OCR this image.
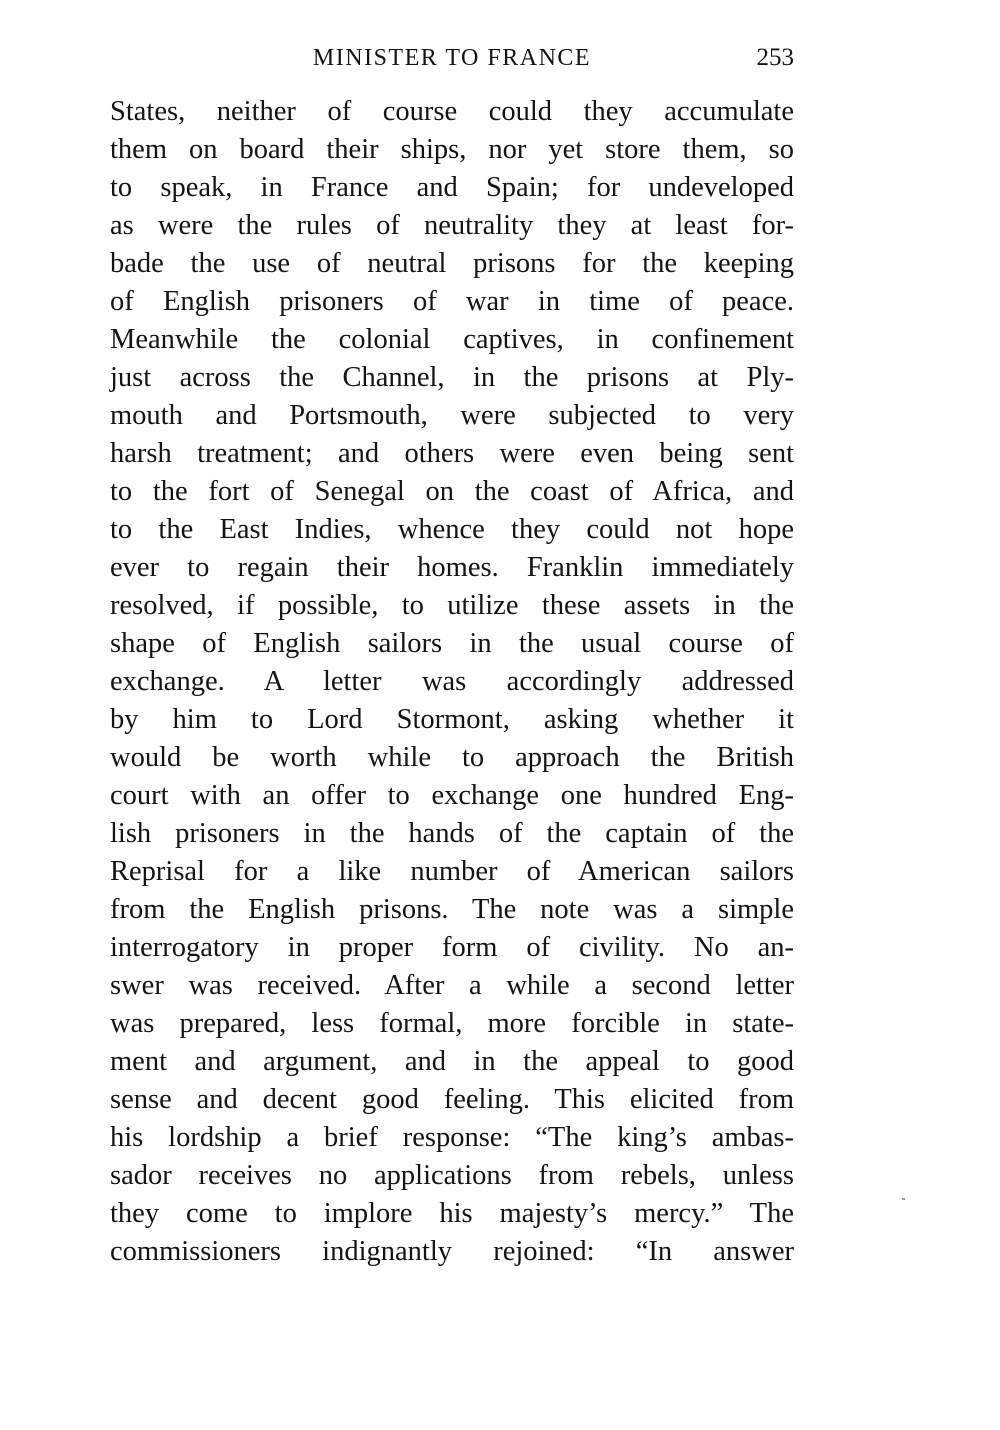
MINISTER TO FRANCE	253
States, neither of course could they accumulate
them on board their ships, nor yet store them, so
to speak, in France and Spain; for undeveloped
as were the rules of neutrality they at least for-
bade the use of neutral prisons for the keeping
of English prisoners of war in time of peace.
Meanwhile the colonial captives, in confinement
just across the Channel, in the prisons at Ply-
mouth and Portsmouth, were subjected to very
harsh treatment; and others were even being sent
to the fort of Senegal on the coast of Africa, and
to the East Indies, whence they could not hope
ever to regain their homes. Franklin immediately
resolved, if possible, to utilize these assets in the
shape of English sailors in the usual course of
exchange. A letter was accordingly addressed
by him to Lord Stormont, asking whether it
would be worth while to approach the British
court with an offer to exchange one hundred Eng-
lish prisoners in the hands of the captain of the
Reprisal for a like number of American sailors
from the English prisons. The note was a simple
interrogatory in proper form of civility. No an-
swer was received. After a while a second letter
was prepared, less formal, more forcible in state-
ment and argument, and in the appeal to good
sense and decent good feeling. This elicited from
his lordship a brief response: “The king’s ambas-
sador receives no applications from rebels, unless
they come to implore his majesty’s mercy.” The
commissioners indignantly rejoined: “In answer
